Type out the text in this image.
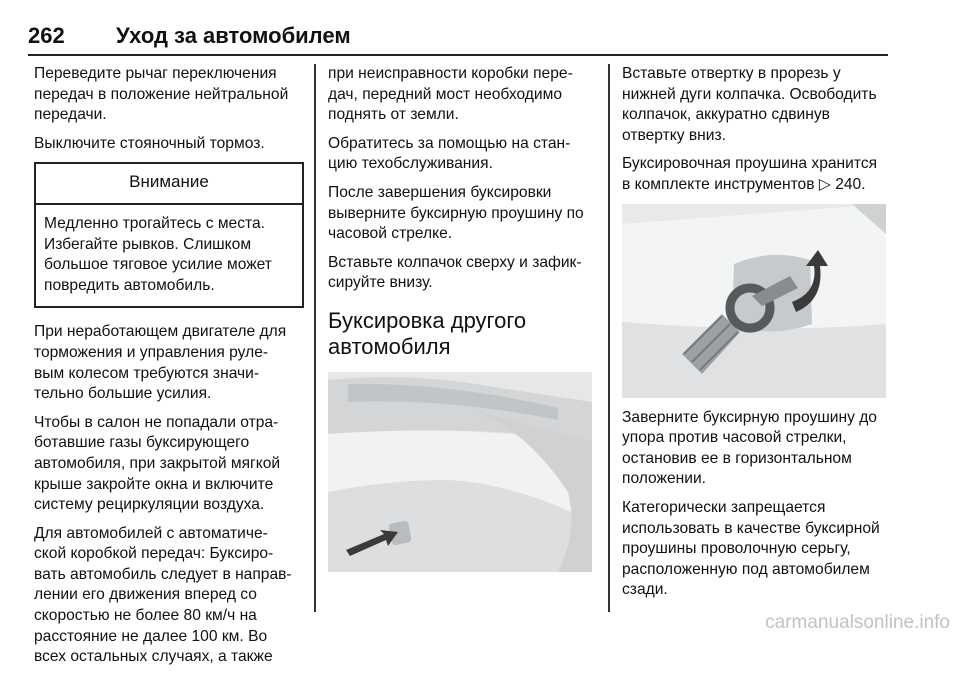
262 Уход за автомобилем

Переведите рычаг переключения
передач в положение нейтральной
передачи.

Выключите стояночный тормоз.

Внимание
Медленно трогайтесь с места.
Избегайте рывков. Слишком
большое тяговое усилие может
повредить автомобиль.

При неработающем двигателе для
торможения и управления руле-
вым колесом требуются значи-
тельно большие усилия.

Чтобы в салон не попадали отра-
ботавшие газы буксирующего
автомобиля, при закрытой мягкой
крыше закройте окна и включите
систему рециркуляции воздуха.

Для автомобилей с автоматиче-
ской коробкой передач: Буксиро-
вать автомобиль следует в направ-
лении его движения вперед со
скоростью не более 80 км/ч на
расстояние не далее 100 км. Во
всех остальных случаях, а также

при неисправности коробки пере-
дач, передний мост необходимо
поднять от земли.

Обратитесь за помощью на стан-
цию техобслуживания.

После завершения буксировки
выверните буксирную проушину по
часовой стрелке.

Вставьте колпачок сверху и зафик-
сируйте внизу.

Буксировка другого
автомобиля

Вставьте отвертку в прорезь у
нижней дуги колпачка. Освободить
колпачок, аккуратно сдвинув
отвертку вниз.

Буксировочная проушина хранится
в комплекте инструментов ▷ 240.

Заверните буксирную проушину до
упора против часовой стрелки,
остановив ее в горизонтальном
положении.

Категорически запрещается
использовать в качестве буксирной
проушины проволочную серьгу,
расположенную под автомобилем
сзади.

carmanualsonline.info
